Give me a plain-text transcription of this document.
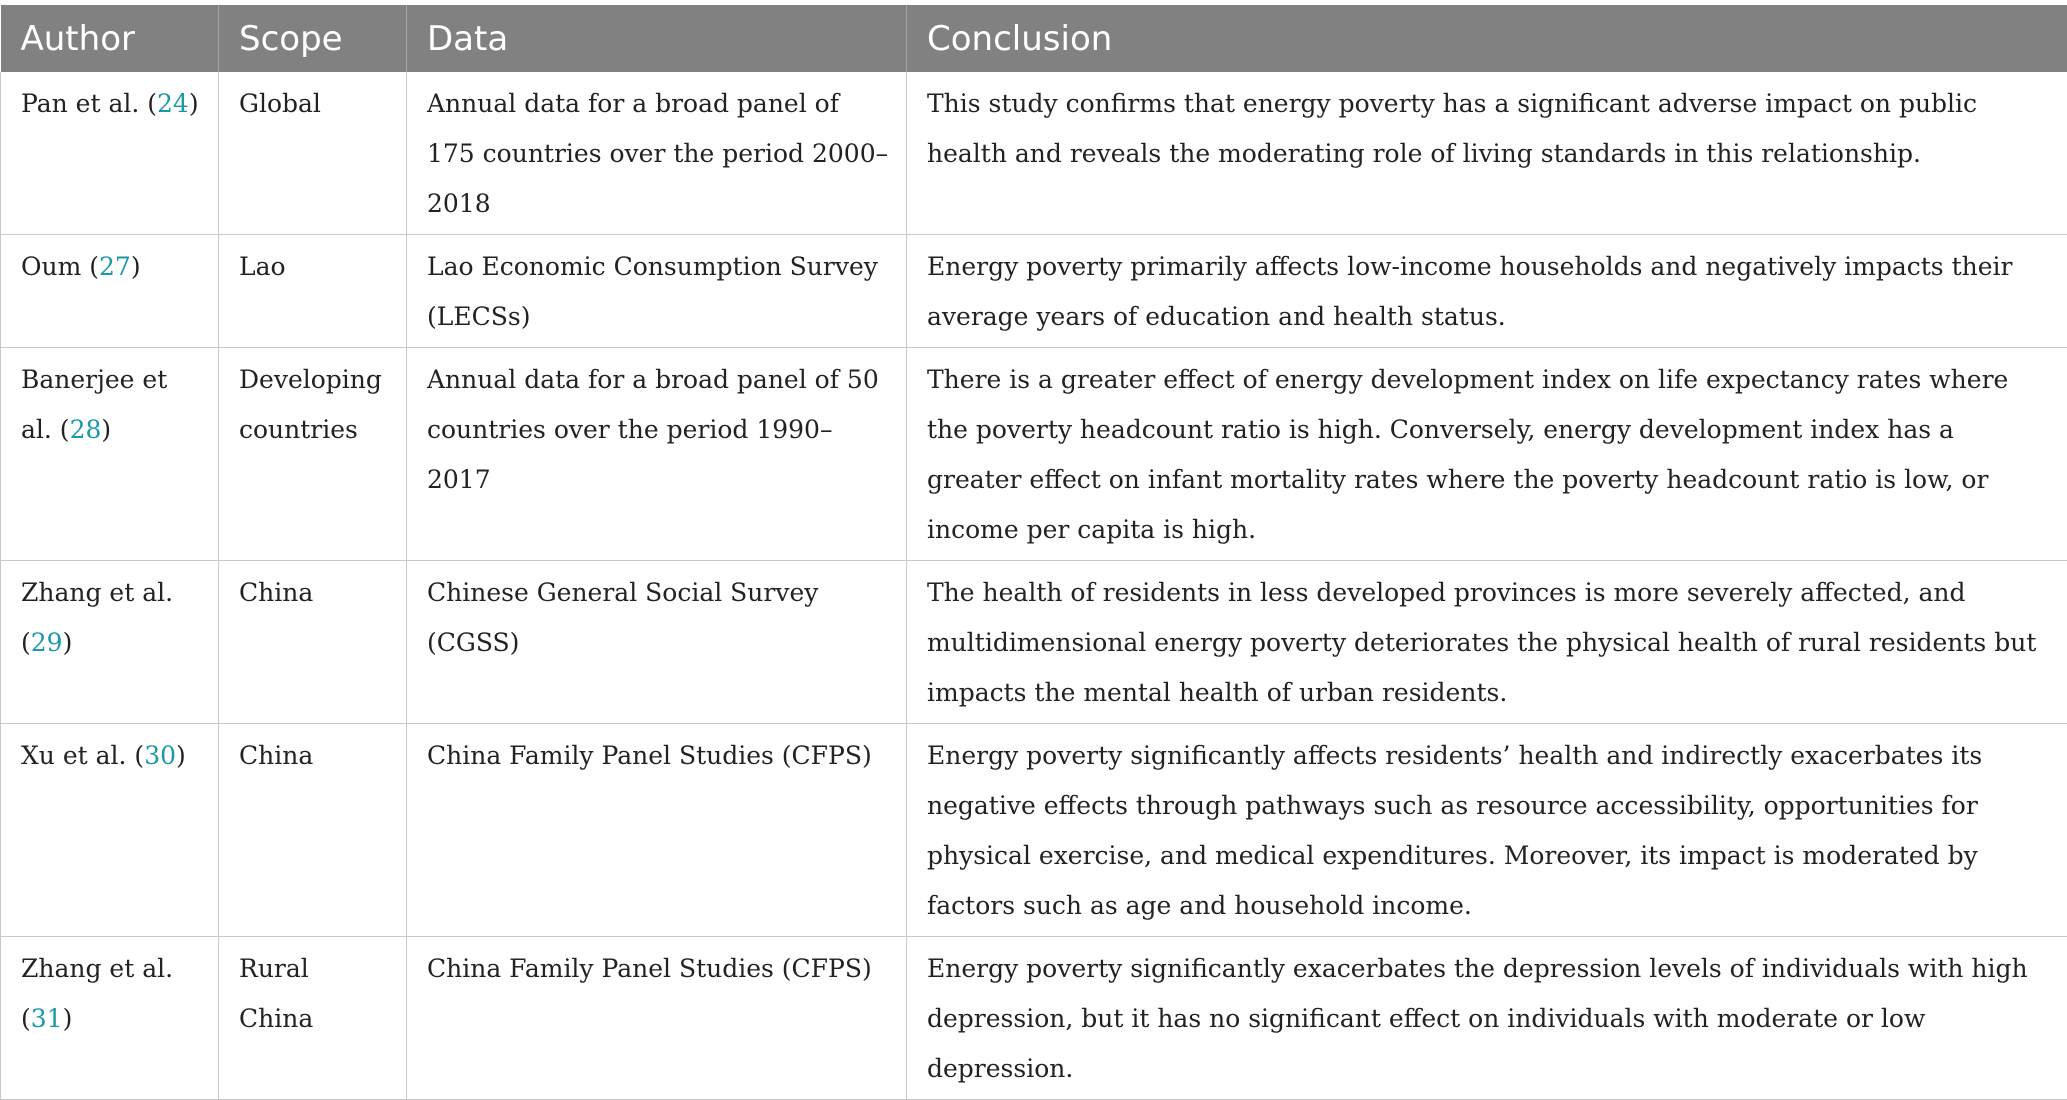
Author	Scope	Data	Conclusion
Pan et al. (24)	Global	Annual data for a broad panel of 175 countries over the period 2000–2018	This study confirms that energy poverty has a significant adverse impact on public health and reveals the moderating role of living standards in this relationship.
Oum (27)	Lao	Lao Economic Consumption Survey (LECSs)	Energy poverty primarily affects low-income households and negatively impacts their average years of education and health status.
Banerjee et al. (28)	Developing countries	Annual data for a broad panel of 50 countries over the period 1990–2017	There is a greater effect of energy development index on life expectancy rates where the poverty headcount ratio is high. Conversely, energy development index has a greater effect on infant mortality rates where the poverty headcount ratio is low, or income per capita is high.
Zhang et al. (29)	China	Chinese General Social Survey (CGSS)	The health of residents in less developed provinces is more severely affected, and multidimensional energy poverty deteriorates the physical health of rural residents but impacts the mental health of urban residents.
Xu et al. (30)	China	China Family Panel Studies (CFPS)	Energy poverty significantly affects residents’ health and indirectly exacerbates its negative effects through pathways such as resource accessibility, opportunities for physical exercise, and medical expenditures. Moreover, its impact is moderated by factors such as age and household income.
Zhang et al. (31)	Rural China	China Family Panel Studies (CFPS)	Energy poverty significantly exacerbates the depression levels of individuals with high depression, but it has no significant effect on individuals with moderate or low depression.
